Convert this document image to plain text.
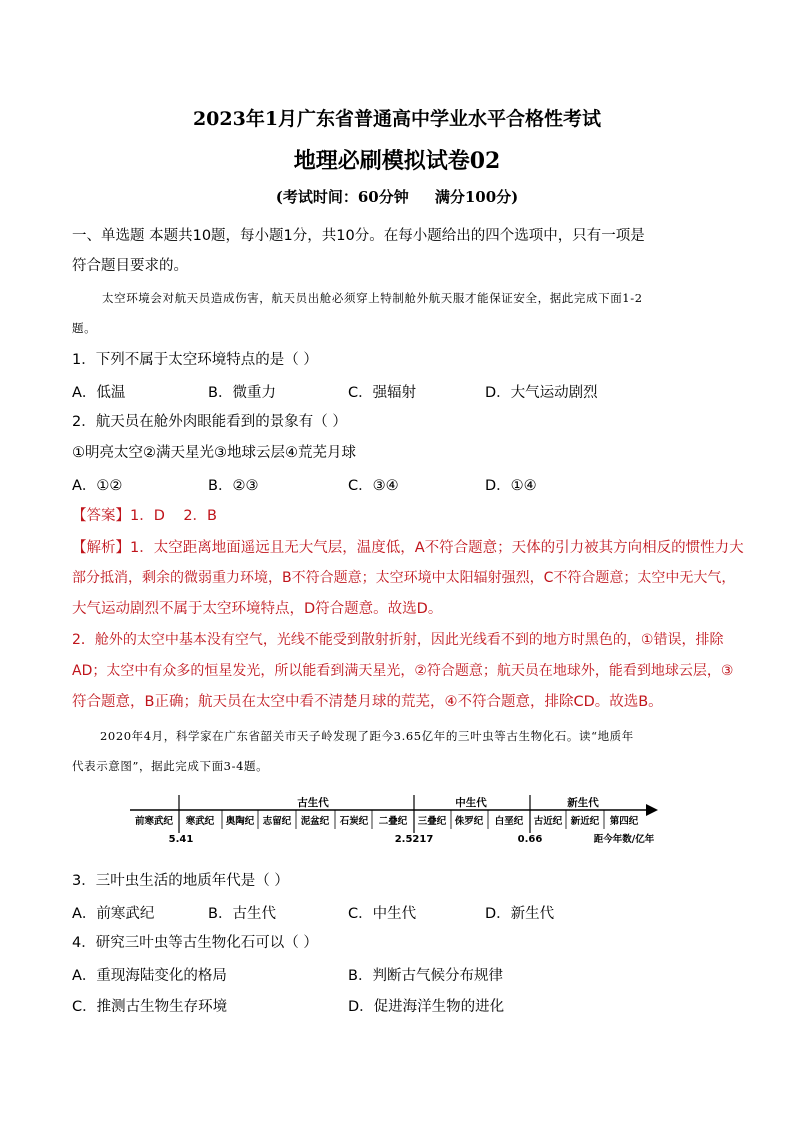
2023年1月广东省普通高中学业水平合格性考试
地理必刷模拟试卷02
(考试时间：60分钟     满分100分)
一、单选题 本题共10题，每小题1分，共10分。在每小题给出的四个选项中，只有一项是
符合题目要求的。
太空环境会对航天员造成伤害，航天员出舱必须穿上特制舱外航天服才能保证安全，据此完成下面1-2
题。
1．下列不属于太空环境特点的是（ ）
A．低温	B．微重力	C．强辐射	D．大气运动剧烈
2．航天员在舱外肉眼能看到的景象有（ ）
①明亮太空②满天星光③地球云层④荒芜月球
A．①②	B．②③	C．③④	D．①④
【答案】1．D    2．B
【解析】1．太空距离地面遥远且无大气层，温度低，A不符合题意；天体的引力被其方向相反的惯性力大
部分抵消，剩余的微弱重力环境，B不符合题意；太空环境中太阳辐射强烈，C不符合题意；太空中无大气，
大气运动剧烈不属于太空环境特点，D符合题意。故选D。
2．舱外的太空中基本没有空气，光线不能受到散射折射，因此光线看不到的地方时黑色的，①错误，排除
AD；太空中有众多的恒星发光，所以能看到满天星光，②符合题意；航天员在地球外，能看到地球云层，③
符合题意，B正确；航天员在太空中看不清楚月球的荒芜，④不符合题意，排除CD。故选B。
2020年4月，科学家在广东省韶关市天子岭发现了距今3.65亿年的三叶虫等古生物化石。读“地质年
代表示意图”，据此完成下面3-4题。
古生代	中生代	新生代
前寒武纪 寒武纪 奥陶纪 志留纪 泥盆纪 石炭纪 二叠纪 三叠纪 侏罗纪 白垩纪 古近纪 新近纪 第四纪
5.41	2.5217	0.66	距今年数/亿年
3．三叶虫生活的地质年代是（ ）
A．前寒武纪	B．古生代	C．中生代	D．新生代
4．研究三叶虫等古生物化石可以（ ）
A．重现海陆变化的格局	B．判断古气候分布规律
C．推测古生物生存环境	D．促进海洋生物的进化
